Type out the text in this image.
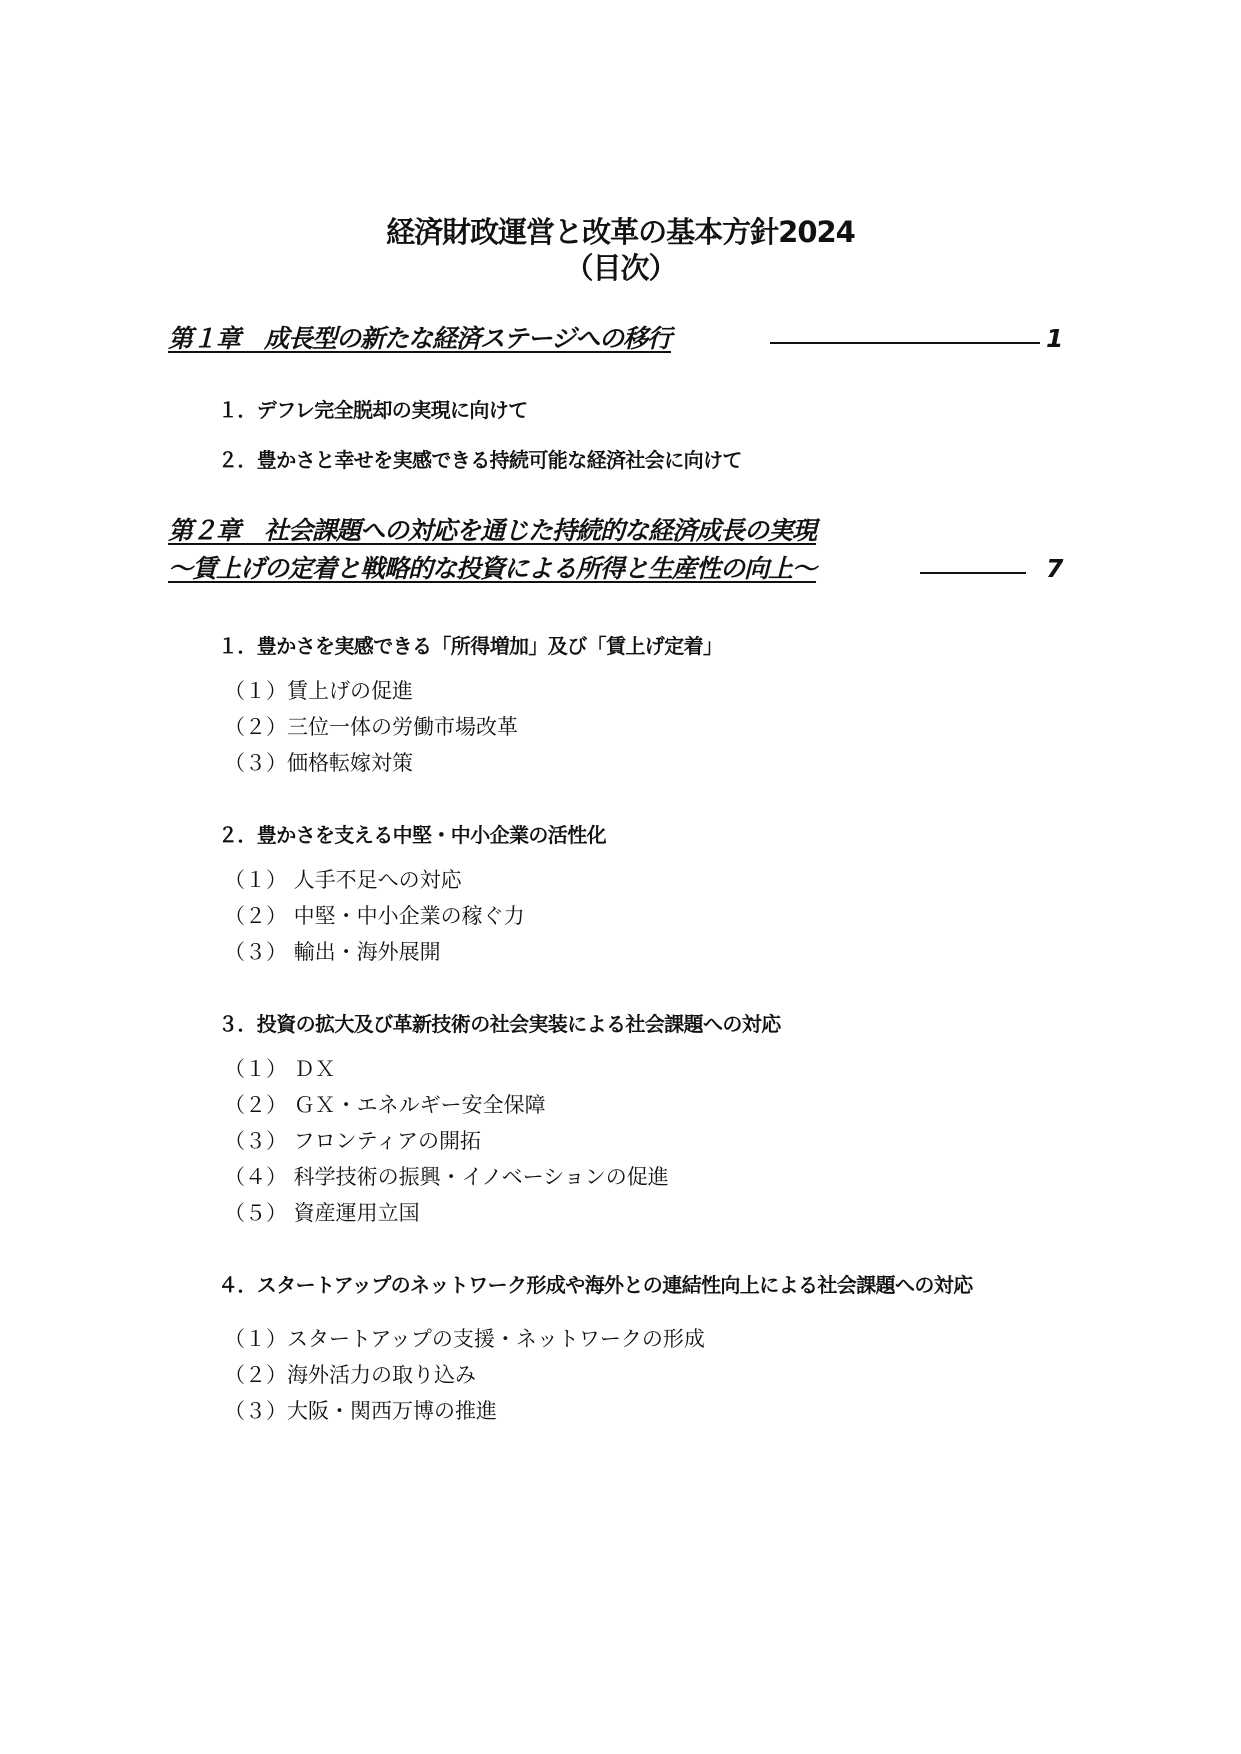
経済財政運営と改革の基本方針2024
（目次）
第１章　成長型の新たな経済ステージへの移行	1
１．デフレ完全脱却の実現に向けて
２．豊かさと幸せを実感できる持続可能な経済社会に向けて
第２章　社会課題への対応を通じた持続的な経済成長の実現
～賃上げの定着と戦略的な投資による所得と生産性の向上～	7
１．豊かさを実感できる「所得増加」及び「賃上げ定着」
（１）賃上げの促進
（２）三位一体の労働市場改革
（３）価格転嫁対策
２．豊かさを支える中堅・中小企業の活性化
（１） 人手不足への対応
（２） 中堅・中小企業の稼ぐ力
（３） 輸出・海外展開
３．投資の拡大及び革新技術の社会実装による社会課題への対応
（１） ＤＸ
（２） ＧＸ・エネルギー安全保障
（３） フロンティアの開拓
（４） 科学技術の振興・イノベーションの促進
（５） 資産運用立国
４．スタートアップのネットワーク形成や海外との連結性向上による社会課題への対応
（１）スタートアップの支援・ネットワークの形成
（２）海外活力の取り込み
（３）大阪・関西万博の推進
